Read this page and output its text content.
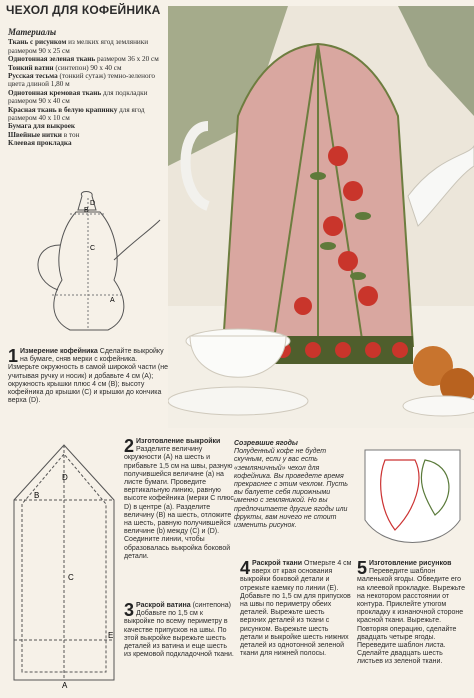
ЧЕХОЛ ДЛЯ КОФЕЙНИКА
Материалы
Ткань с рисунком из мелких ягод земляники размером 90 х 25 см
Однотонная зеленая ткань размером 36 х 20 см
Тонкий ватин (синтепон) 90 х 40 см
Русская тесьма (тонкий сутаж) темно-зеленого цвета длиной 1,80 м
Однотонная кремовая ткань для подкладки размером 90 х 40 см
Красная ткань в белую крапинку для ягод размером 40 х 10 см
Бумага для выкроек
Швейные нитки в тон
Клеевая прокладка
B
C
D
A
1 Измерение кофейника Сделайте выкройку на бумаге, сняв мерки с кофейника. Измерьте окружность в самой широкой части (не учитывая ручку и носик) и добавьте 4 см (A); окружность крышки плюс 4 см (B); высоту кофейника до крышки (C) и крышки до кончика верха (D).
D
B
C
E
A
2 Изготовление выкройки Разделите величину окружности (A) на шесть и прибавьте 1,5 см на швы, разную получившейся величине (a) на листе бумаги. Проведите вертикальную линию, равную высоте кофейника (мерки C плюс D) в центре (a). Разделите величину (B) на шесть, отложите на шесть, равную получившейся величине (b) между (C) и (D). Соедините линии, чтобы образовалась выкройка боковой детали.
Созревшие ягоды
Полуденный кофе не будет скучным, если у вас есть «земляничный» чехол для кофейника. Вы проведете время прекраснее с этим чехлом. Пусть вы балуете себя пирожными именно с земляникой. Но вы предпочитаете другие ягоды или фрукты, вам ничего не стоит изменить рисунок.
3 Раскрой ватина (синтепона) Добавьте по 1,5 см к выкройке по всему периметру в качестве припусков на швы. По этой выкройке вырежьте шесть деталей из ватина и еще шесть из кремовой подкладочной ткани.
4 Раскрой ткани Отмерьте 4 см вверх от края основания выкройки боковой детали и отрежьте каемку по линии (E). Добавьте по 1,5 см для припусков на швы по периметру обеих деталей. Вырежьте шесть верхних деталей из ткани с рисунком. Вырежьте шесть детали и выкройке шесть нижних деталей из однотонной зеленой ткани для нижней полосы.
5 Изготовление рисунков Переведите шаблон маленькой ягоды. Обведите его на клеевой прокладке. Вырежьте на некотором расстоянии от контура. Приклейте утюгом прокладку к изнаночной стороне красной ткани. Вырежьте. Повторяя операцию, сделайте двадцать четыре ягоды. Переведите шаблон листа. Сделайте двадцать шесть листьев из зеленой ткани.
